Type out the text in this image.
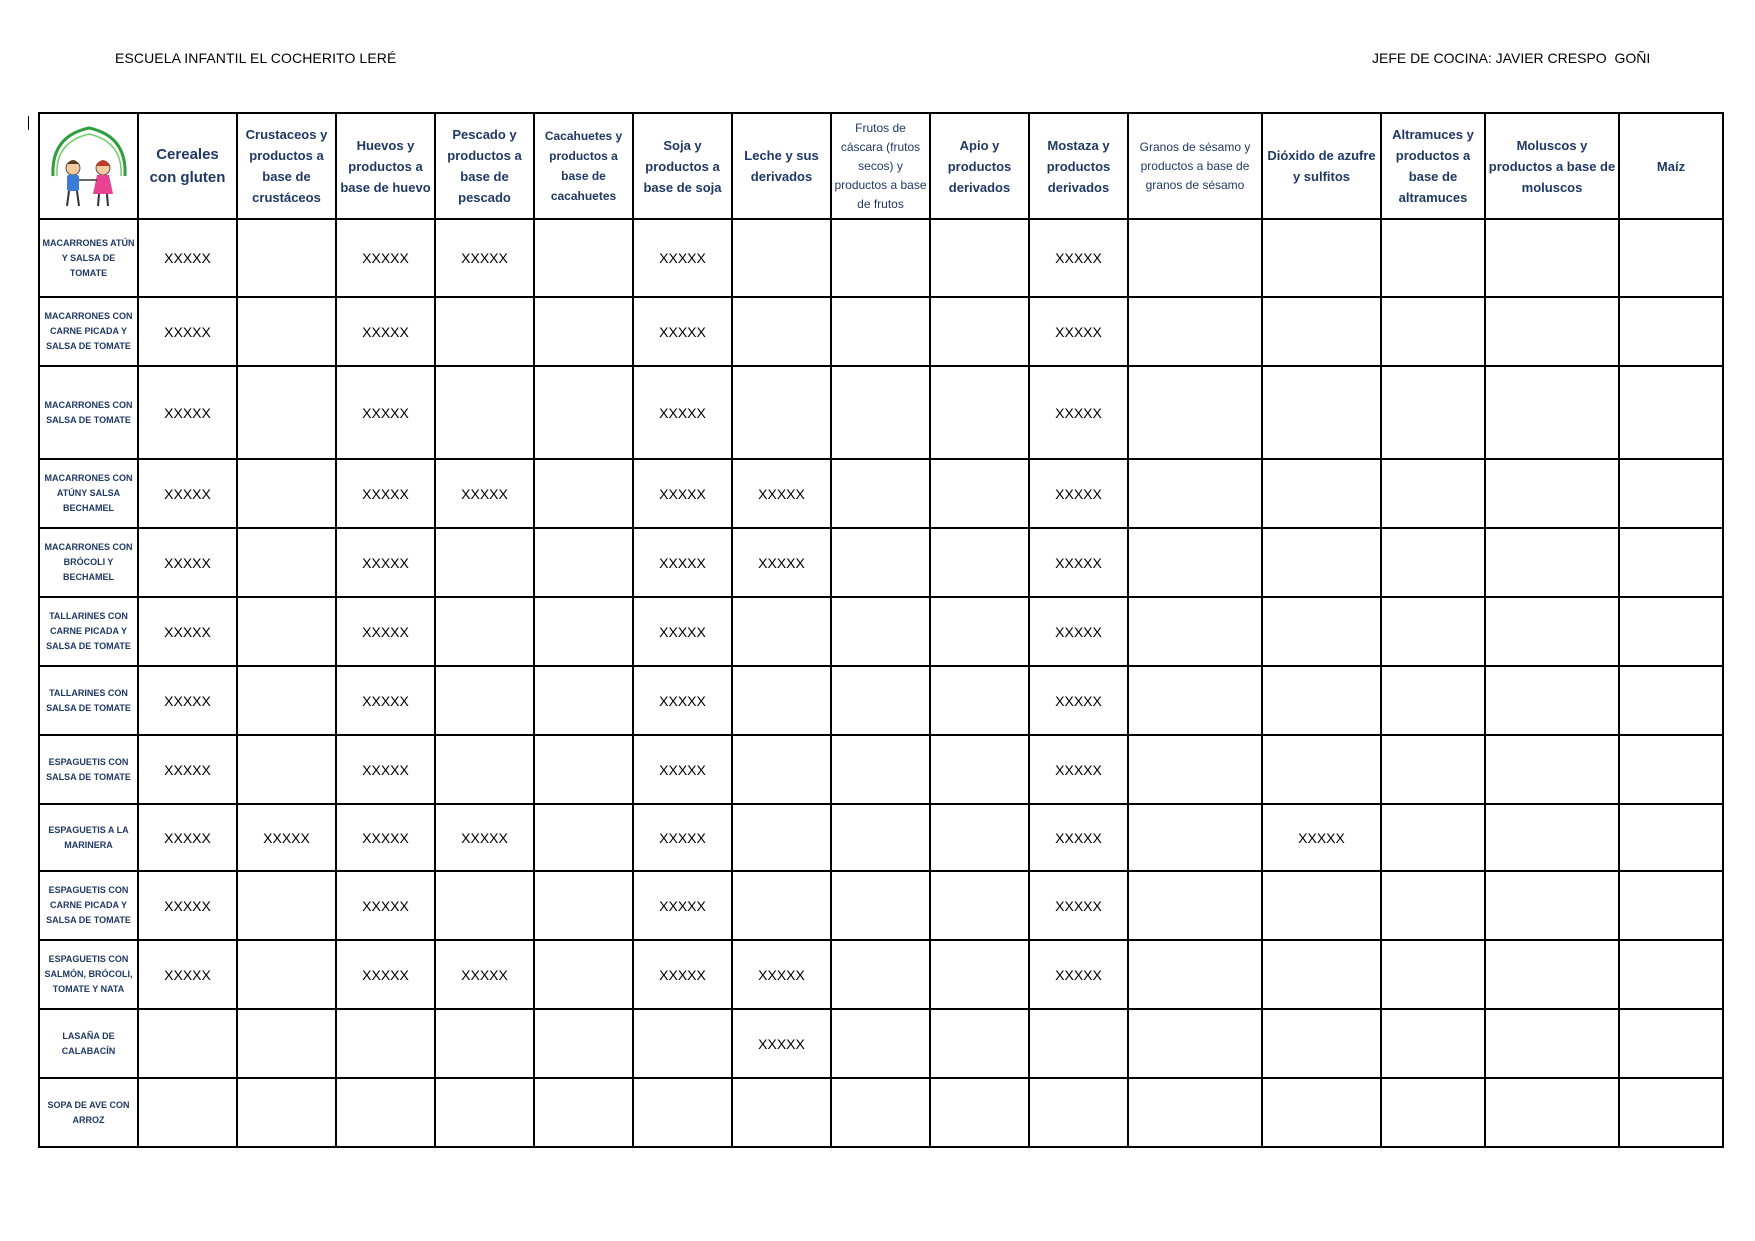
ESCUELA INFANTIL EL COCHERITO LERÉ	JEFE DE COCINA: JAVIER CRESPO  GOÑI
	Cereales con gluten	Crustaceos y productos a base de crustáceos	Huevos y productos a base de huevo	Pescado y productos a base de pescado	Cacahuetes y productos a base de cacahuetes	Soja y productos a base de soja	Leche y sus derivados	Frutos de cáscara (frutos secos) y productos a base de frutos	Apio y productos derivados	Mostaza y productos derivados	Granos de sésamo y productos a base de granos de sésamo	Dióxido de azufre y sulfitos	Altramuces y productos a base de altramuces	Moluscos y productos a base de moluscos	Maíz
MACARRONES ATÚN Y SALSA DE TOMATE	XXXXX		XXXXX	XXXXX		XXXXX				XXXXX					
MACARRONES CON CARNE PICADA Y SALSA DE TOMATE	XXXXX		XXXXX			XXXXX				XXXXX					
MACARRONES CON SALSA DE TOMATE	XXXXX		XXXXX			XXXXX				XXXXX					
MACARRONES CON ATÚNY SALSA BECHAMEL	XXXXX		XXXXX	XXXXX		XXXXX	XXXXX			XXXXX					
MACARRONES CON BRÓCOLI Y BECHAMEL	XXXXX		XXXXX			XXXXX	XXXXX			XXXXX					
TALLARINES CON CARNE PICADA Y SALSA DE TOMATE	XXXXX		XXXXX			XXXXX				XXXXX					
TALLARINES CON SALSA DE TOMATE	XXXXX		XXXXX			XXXXX				XXXXX					
ESPAGUETIS CON SALSA DE TOMATE	XXXXX		XXXXX			XXXXX				XXXXX					
ESPAGUETIS A LA MARINERA	XXXXX	XXXXX	XXXXX	XXXXX		XXXXX				XXXXX		XXXXX			
ESPAGUETIS CON CARNE PICADA Y SALSA DE TOMATE	XXXXX		XXXXX			XXXXX				XXXXX					
ESPAGUETIS CON SALMÓN, BRÓCOLI, TOMATE Y NATA	XXXXX		XXXXX	XXXXX		XXXXX	XXXXX			XXXXX					
LASAÑA DE CALABACÍN							XXXXX								
SOPA DE AVE CON ARROZ															
